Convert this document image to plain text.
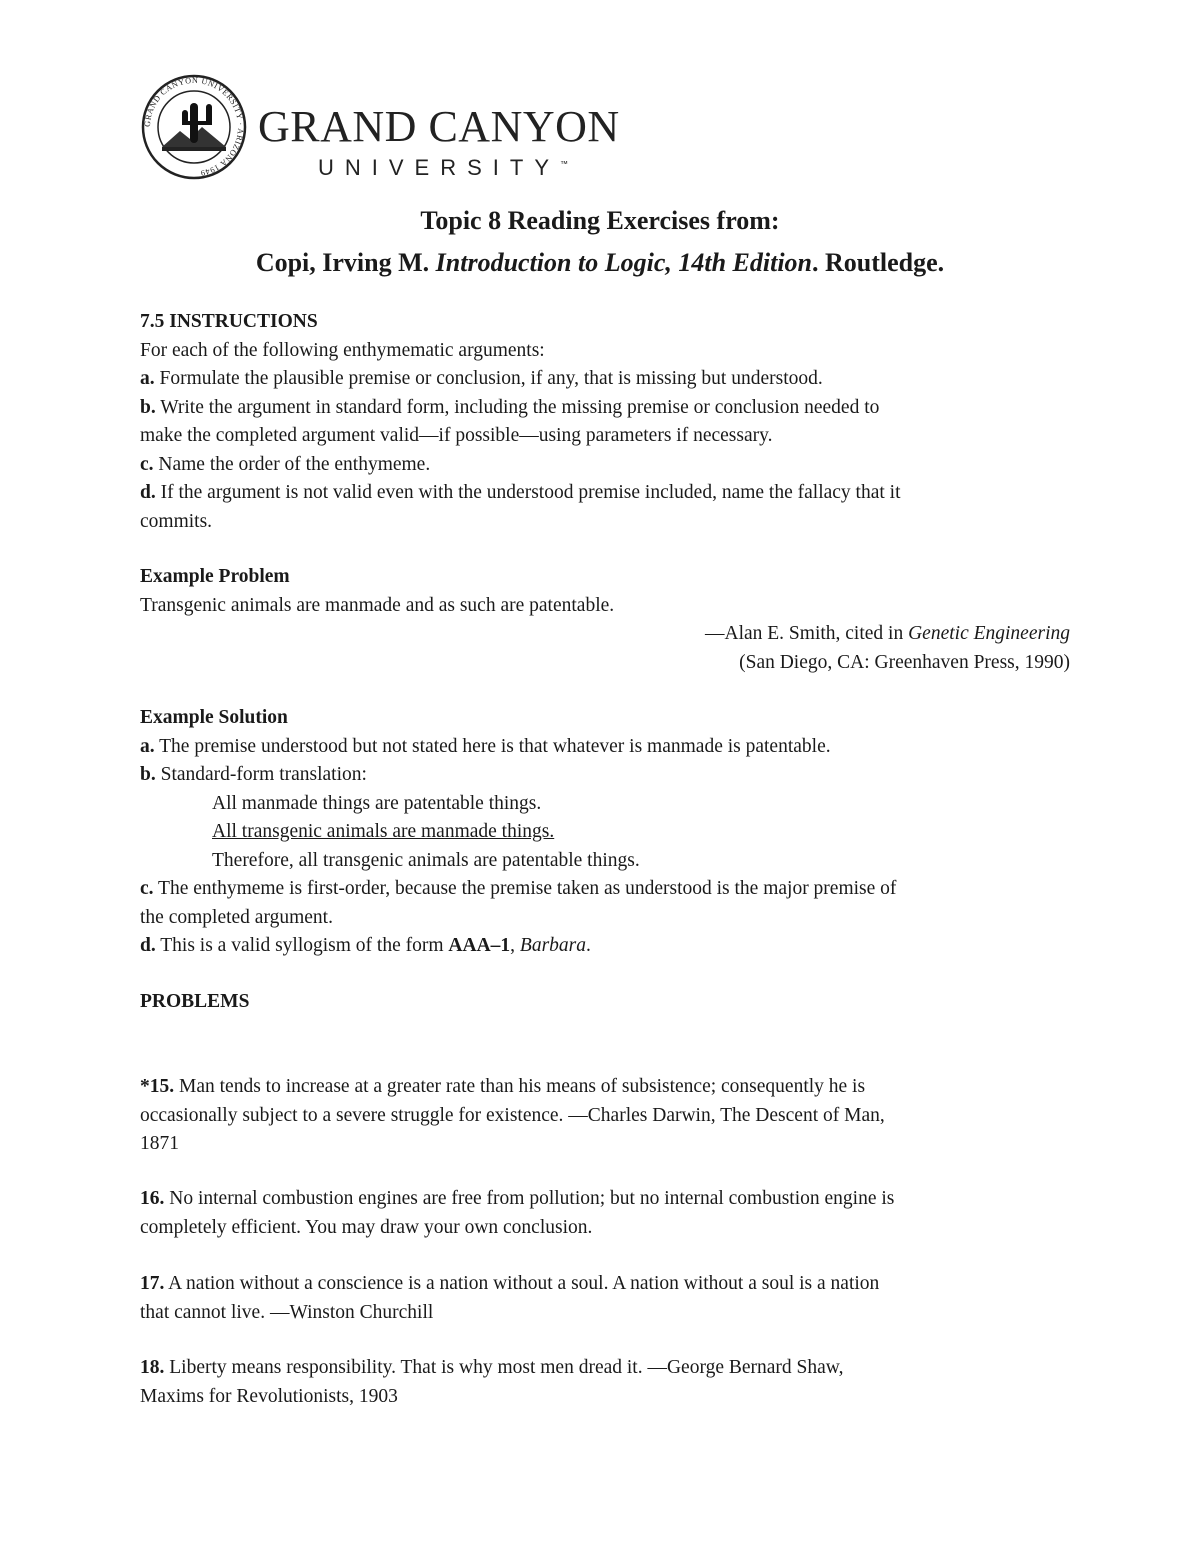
GRAND CANYON UNIVERSITY · ARIZONA 1949
GRAND CANYON
UNIVERSITY™
Topic 8 Reading Exercises from:
Copi, Irving M. Introduction to Logic, 14th Edition. Routledge.
7.5 INSTRUCTIONS
For each of the following enthymematic arguments:
a. Formulate the plausible premise or conclusion, if any, that is missing but understood.
b. Write the argument in standard form, including the missing premise or conclusion needed to
make the completed argument valid—if possible—using parameters if necessary.
c. Name the order of the enthymeme.
d. If the argument is not valid even with the understood premise included, name the fallacy that it
commits.
Example Problem
Transgenic animals are manmade and as such are patentable.
—Alan E. Smith, cited in Genetic Engineering
(San Diego, CA: Greenhaven Press, 1990)
Example Solution
a. The premise understood but not stated here is that whatever is manmade is patentable.
b. Standard-form translation:
All manmade things are patentable things.
All transgenic animals are manmade things.
Therefore, all transgenic animals are patentable things.
c. The enthymeme is first-order, because the premise taken as understood is the major premise of
the completed argument.
d. This is a valid syllogism of the form AAA–1, Barbara.
PROBLEMS
*15. Man tends to increase at a greater rate than his means of subsistence; consequently he is
occasionally subject to a severe struggle for existence. —Charles Darwin, The Descent of Man,
1871
16. No internal combustion engines are free from pollution; but no internal combustion engine is
completely efficient. You may draw your own conclusion.
17. A nation without a conscience is a nation without a soul. A nation without a soul is a nation
that cannot live. —Winston Churchill
18. Liberty means responsibility. That is why most men dread it. —George Bernard Shaw,
Maxims for Revolutionists, 1903
